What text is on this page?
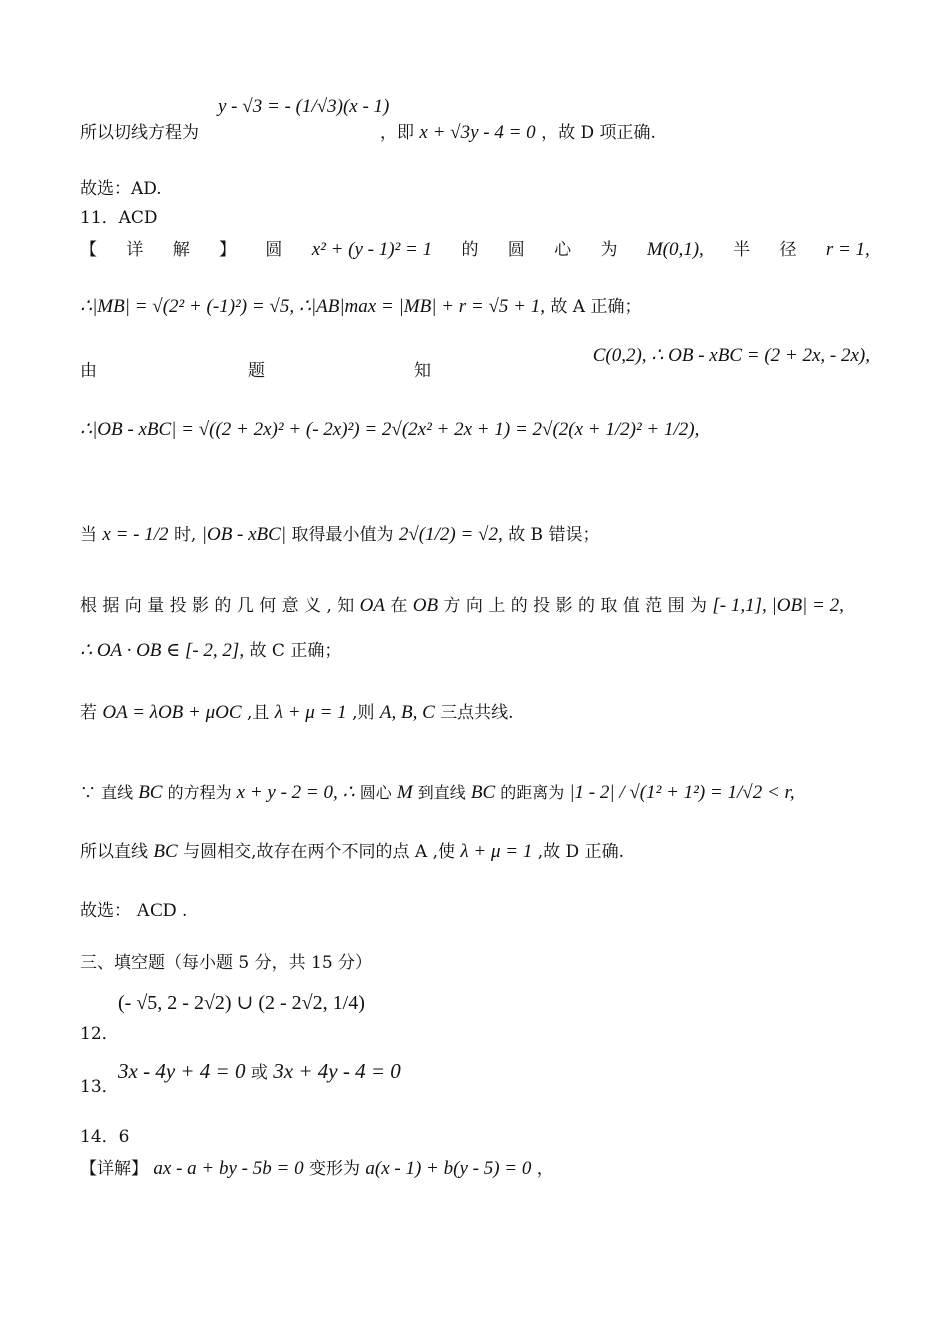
所以切线方程为
y - √3 = - (1/√3)(x - 1)
，即 x + √3y - 4 = 0 ，故 D 项正确.
故选：AD.
11．ACD
【 详 解 】 圆 x² + (y - 1)² = 1 的 圆 心 为 M(0,1), 半 径 r = 1,
∴|MB| = √(2² + (-1)²) = √5, ∴|AB|max = |MB| + r = √5 + 1, 故 A 正确；
由	题	知
C(0,2), ∴ OB - xBC = (2 + 2x, - 2x),
∴|OB - xBC| = √((2 + 2x)² + (- 2x)²) = 2√(2x² + 2x + 1) = 2√(2(x + 1/2)² + 1/2),
当 x = - 1/2 时, |OB - xBC| 取得最小值为 2√(1/2) = √2, 故 B 错误；
根 据 向 量 投 影 的 几 何 意 义 , 知 OA 在 OB 方 向 上 的 投 影 的 取 值 范 围 为 [- 1,1], |OB| = 2,
∴ OA · OB ∈ [- 2, 2], 故 C 正确；
若 OA = λOB + μOC ,且 λ + μ = 1 ,则 A, B, C 三点共线.
∵ 直线 BC 的方程为 x + y - 2 = 0, ∴ 圆心 M 到直线 BC 的距离为 |1 - 2| / √(1² + 1²) = 1/√2 < r,
所以直线 BC 与圆相交,故存在两个不同的点 A ,使 λ + μ = 1 ,故 D 正确.
故选： ACD .
三、填空题（每小题 5 分，共 15 分）
12．
(- √5, 2 - 2√2) ∪ (2 - 2√2, 1/4)
13．
3x - 4y + 4 = 0 或 3x + 4y - 4 = 0
14．6
【详解】 ax - a + by - 5b = 0 变形为 a(x - 1) + b(y - 5) = 0 ，
